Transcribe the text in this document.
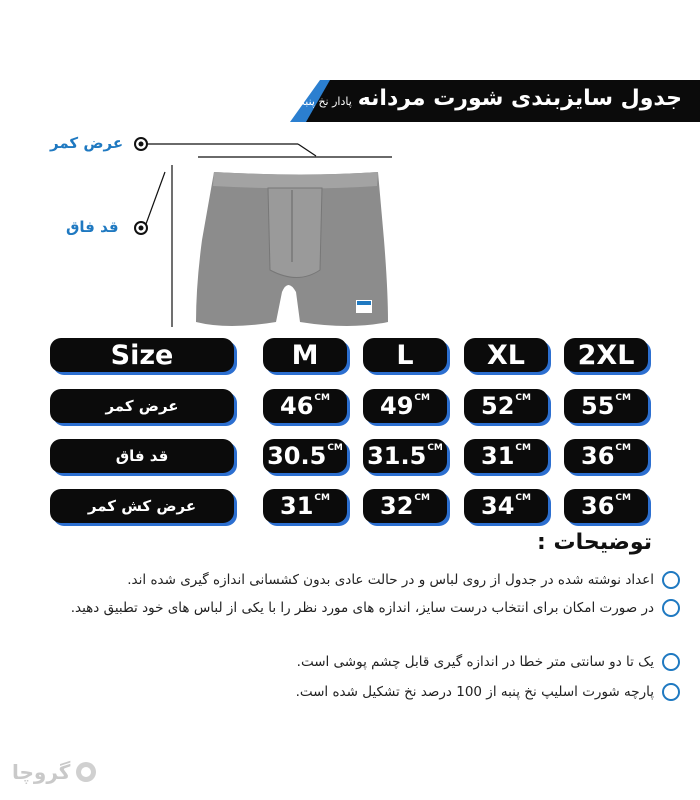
جدول سایزبندی شورت مردانه
پادار نخ پنبه
عرض کمر
قد فاق
Size	M	L	XL	2XL
عرض کمر	46 CM 49 CM 52 CM 55 CM
قد فاق	30.5 CM 31.5 CM 31 CM 36 CM
عرض کش کمر	31 CM 32 CM 34 CM 36 CM
توضیحات :
اعداد نوشته شده در جدول از روی لباس و در حالت عادی بدون کشسانی اندازه گیری شده اند.
در صورت امکان برای انتخاب درست سایز، اندازه های مورد نظر را با یکی از لباس های خود تطبیق دهید.
یک تا دو سانتی متر خطا در اندازه گیری قابل چشم پوشی است.
پارچه شورت اسلیپ نخ پنبه از 100 درصد نخ تشکیل شده است.
گروچا
